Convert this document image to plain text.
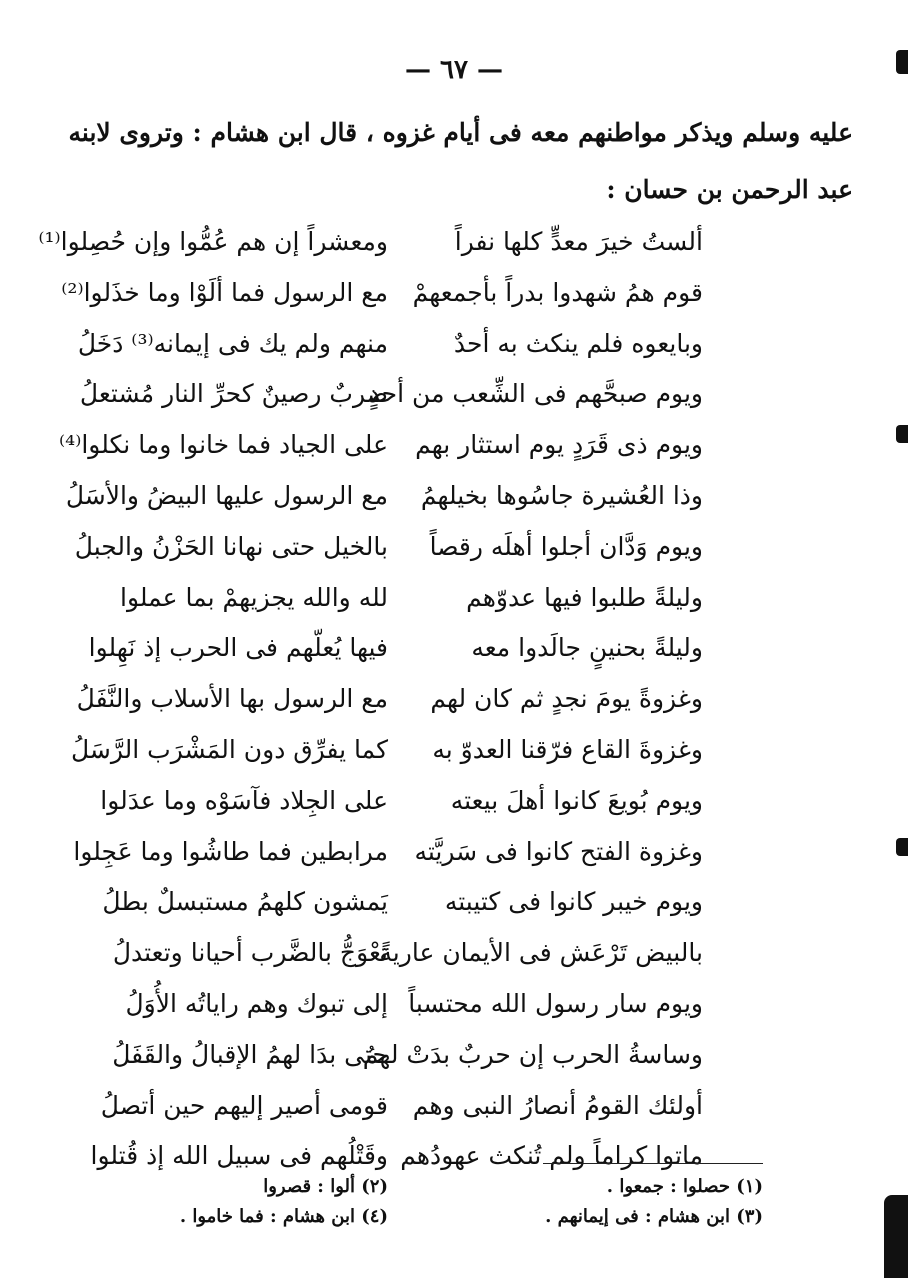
— ٦٧ —
عليه وسلم ويذكر مواطنهم معه فى أيام غزوه ، قال ابن هشام : وتروى لابنه
عبد الرحمن بن حسان :
ألستُ خيرَ معدٍّ كلها نفراً
ومعشراً إن هم عُمُّوا وإن حُصِلوا⁽¹⁾
قوم همُ شهدوا بدراً بأجمعهمْ
مع الرسول فما ألَوْا وما خذَلوا⁽²⁾
وبايعوه فلم ينكث به أحدٌ
منهم ولم يك فى إيمانه⁽³⁾ دَخَلُ
ويوم صبحَّهم فى الشِّعب من أحدٍ
ضربٌ رصينٌ كحرِّ النار مُشتعلُ
ويوم ذى قَرَدٍ يوم استثار بهم
على الجياد فما خانوا وما نكلوا⁽⁴⁾
وذا العُشيرة جاسُوها بخيلهمُ
مع الرسول عليها البيضُ والأسَلُ
ويوم وَدَّان أجلوا أهلَه رقصاً
بالخيل حتى نهانا الحَزْنُ والجبلُ
وليلةً طلبوا فيها عدوّهم
لله والله يجزيهمْ بما عملوا
وليلةً بحنينٍ جالَدوا معه
فيها يُعلّهم فى الحرب إذ نَهِلوا
وغزوةً يومَ نجدٍ ثم كان لهم
مع الرسول بها الأسلاب والنَّفَلُ
وغزوةَ القاع فرّقنا العدوّ به
كما يفرِّق دون المَشْرَب الرَّسَلُ
ويوم بُويعَ كانوا أهلَ بيعته
على الجِلاد فآسَوْه وما عدَلوا
وغزوة الفتح كانوا فى سَريَّته
مرابطين فما طاشُوا وما عَجِلوا
ويوم خيبر كانوا فى كتيبته
يَمشون كلهمُ مستبسلٌ بطلُ
بالبيض تَرْعَش فى الأيمان عاريةً
تعْوَجُّ بالضَّرب أحيانا وتعتدلُ
ويوم سار رسول الله محتسباً
إلى تبوك وهم راياتُه الأُوَلُ
وساسةُ الحرب إن حربٌ بدَتْ لهمُ
حتى بدَا لهمُ الإقبالُ والقَفَلُ
أولئك القومُ أنصارُ النبى وهم
قومى أصير إليهم حين أتصلُ
ماتوا كراماً ولم تُنكث عهودُهم
وقَتْلُهم فى سبيل الله إذ قُتلوا
(١) حصلوا : جمعوا .
(٢) ألوا : قصروا
(٣) ابن هشام : فى إيمانهم .
(٤) ابن هشام : فما خاموا .
